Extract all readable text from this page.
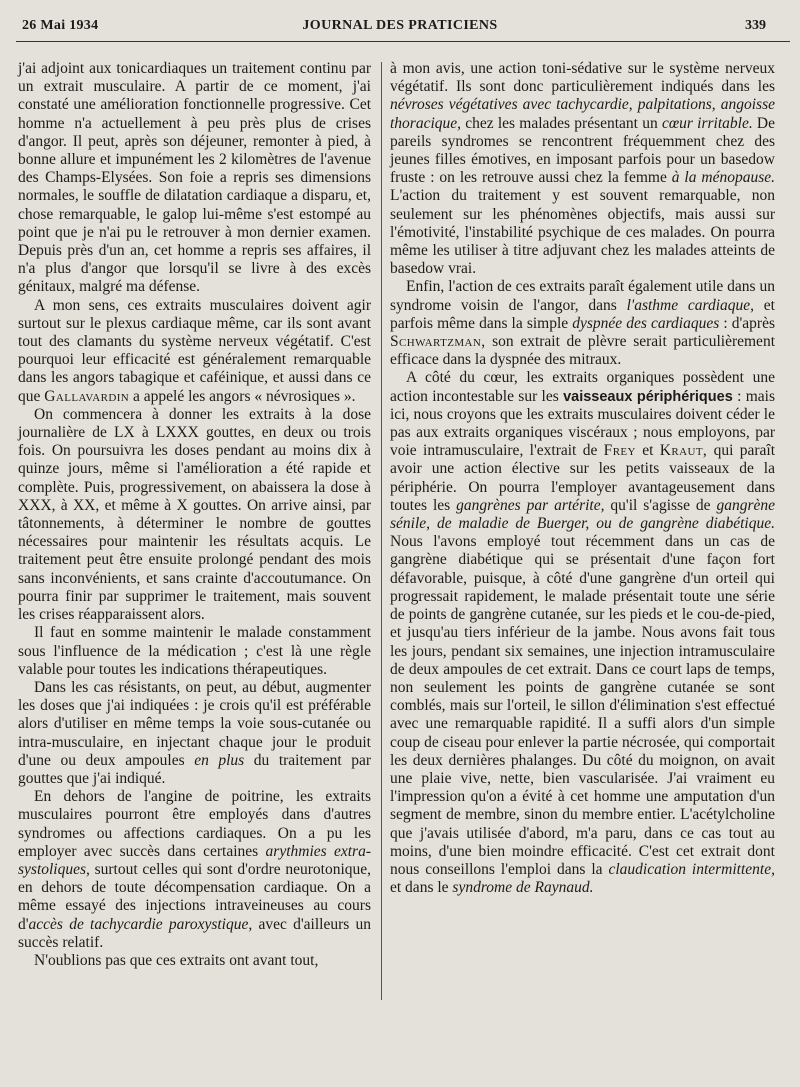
26 Mai 1934	JOURNAL DES PRATICIENS	339

j'ai adjoint aux tonicardiaques un traitement continu par un extrait musculaire. A partir de ce moment, j'ai constaté une amélioration fonctionnelle progressive. Cet homme n'a actuellement à peu près plus de crises d'angor. Il peut, après son déjeuner, remonter à pied, à bonne allure et impunément les 2 kilomètres de l'avenue des Champs-Elysées. Son foie a repris ses dimensions normales, le souffle de dilatation cardiaque a disparu, et, chose remarquable, le galop lui-même s'est estompé au point que je n'ai pu le retrouver à mon dernier examen. Depuis près d'un an, cet homme a repris ses affaires, il n'a plus d'angor que lorsqu'il se livre à des excès génitaux, malgré ma défense.

A mon sens, ces extraits musculaires doivent agir surtout sur le plexus cardiaque même, car ils sont avant tout des clamants du système nerveux végétatif. C'est pourquoi leur efficacité est généralement remarquable dans les angors tabagique et caféinique, et aussi dans ce que Gallavardin a appelé les angors « névrosiques ».

On commencera à donner les extraits à la dose journalière de LX à LXXX gouttes, en deux ou trois fois. On poursuivra les doses pendant au moins dix à quinze jours, même si l'amélioration a été rapide et complète. Puis, progressivement, on abaissera la dose à XXX, à XX, et même à X gouttes. On arrive ainsi, par tâtonnements, à déterminer le nombre de gouttes nécessaires pour maintenir les résultats acquis. Le traitement peut être ensuite prolongé pendant des mois sans inconvénients, et sans crainte d'accoutumance. On pourra finir par supprimer le traitement, mais souvent les crises réapparaissent alors.

Il faut en somme maintenir le malade constamment sous l'influence de la médication ; c'est là une règle valable pour toutes les indications thérapeutiques.

Dans les cas résistants, on peut, au début, augmenter les doses que j'ai indiquées : je crois qu'il est préférable alors d'utiliser en même temps la voie sous-cutanée ou intra-musculaire, en injectant chaque jour le produit d'une ou deux ampoules en plus du traitement par gouttes que j'ai indiqué.

En dehors de l'angine de poitrine, les extraits musculaires pourront être employés dans d'autres syndromes ou affections cardiaques. On a pu les employer avec succès dans certaines arythmies extra-systoliques, surtout celles qui sont d'ordre neurotonique, en dehors de toute décompensation cardiaque. On a même essayé des injections intraveineuses au cours d'accès de tachycardie paroxystique, avec d'ailleurs un succès relatif.

N'oublions pas que ces extraits ont avant tout,

à mon avis, une action toni-sédative sur le système nerveux végétatif. Ils sont donc particulièrement indiqués dans les névroses végétatives avec tachycardie, palpitations, angoisse thoracique, chez les malades présentant un cœur irritable. De pareils syndromes se rencontrent fréquemment chez des jeunes filles émotives, en imposant parfois pour un basedow fruste : on les retrouve aussi chez la femme à la ménopause. L'action du traitement y est souvent remarquable, non seulement sur les phénomènes objectifs, mais aussi sur l'émotivité, l'instabilité psychique de ces malades. On pourra même les utiliser à titre adjuvant chez les malades atteints de basedow vrai.

Enfin, l'action de ces extraits paraît également utile dans un syndrome voisin de l'angor, dans l'asthme cardiaque, et parfois même dans la simple dyspnée des cardiaques : d'après Schwartzman, son extrait de plèvre serait particulièrement efficace dans la dyspnée des mitraux.

A côté du cœur, les extraits organiques possèdent une action incontestable sur les vaisseaux périphériques : mais ici, nous croyons que les extraits musculaires doivent céder le pas aux extraits organiques viscéraux ; nous employons, par voie intramusculaire, l'extrait de Frey et Kraut, qui paraît avoir une action élective sur les petits vaisseaux de la périphérie. On pourra l'employer avantageusement dans toutes les gangrènes par artérite, qu'il s'agisse de gangrène sénile, de maladie de Buerger, ou de gangrène diabétique. Nous l'avons employé tout récemment dans un cas de gangrène diabétique qui se présentait d'une façon fort défavorable, puisque, à côté d'une gangrène d'un orteil qui progressait rapidement, le malade présentait toute une série de points de gangrène cutanée, sur les pieds et le cou-de-pied, et jusqu'au tiers inférieur de la jambe. Nous avons fait tous les jours, pendant six semaines, une injection intramusculaire de deux ampoules de cet extrait. Dans ce court laps de temps, non seulement les points de gangrène cutanée se sont comblés, mais sur l'orteil, le sillon d'élimination s'est effectué avec une remarquable rapidité. Il a suffi alors d'un simple coup de ciseau pour enlever la partie nécrosée, qui comportait les deux dernières phalanges. Du côté du moignon, on avait une plaie vive, nette, bien vascularisée. J'ai vraiment eu l'impression qu'on a évité à cet homme une amputation d'un segment de membre, sinon du membre entier. L'acétylcholine que j'avais utilisée d'abord, m'a paru, dans ce cas tout au moins, d'une bien moindre efficacité. C'est cet extrait dont nous conseillons l'emploi dans la claudication intermittente, et dans le syndrome de Raynaud.
